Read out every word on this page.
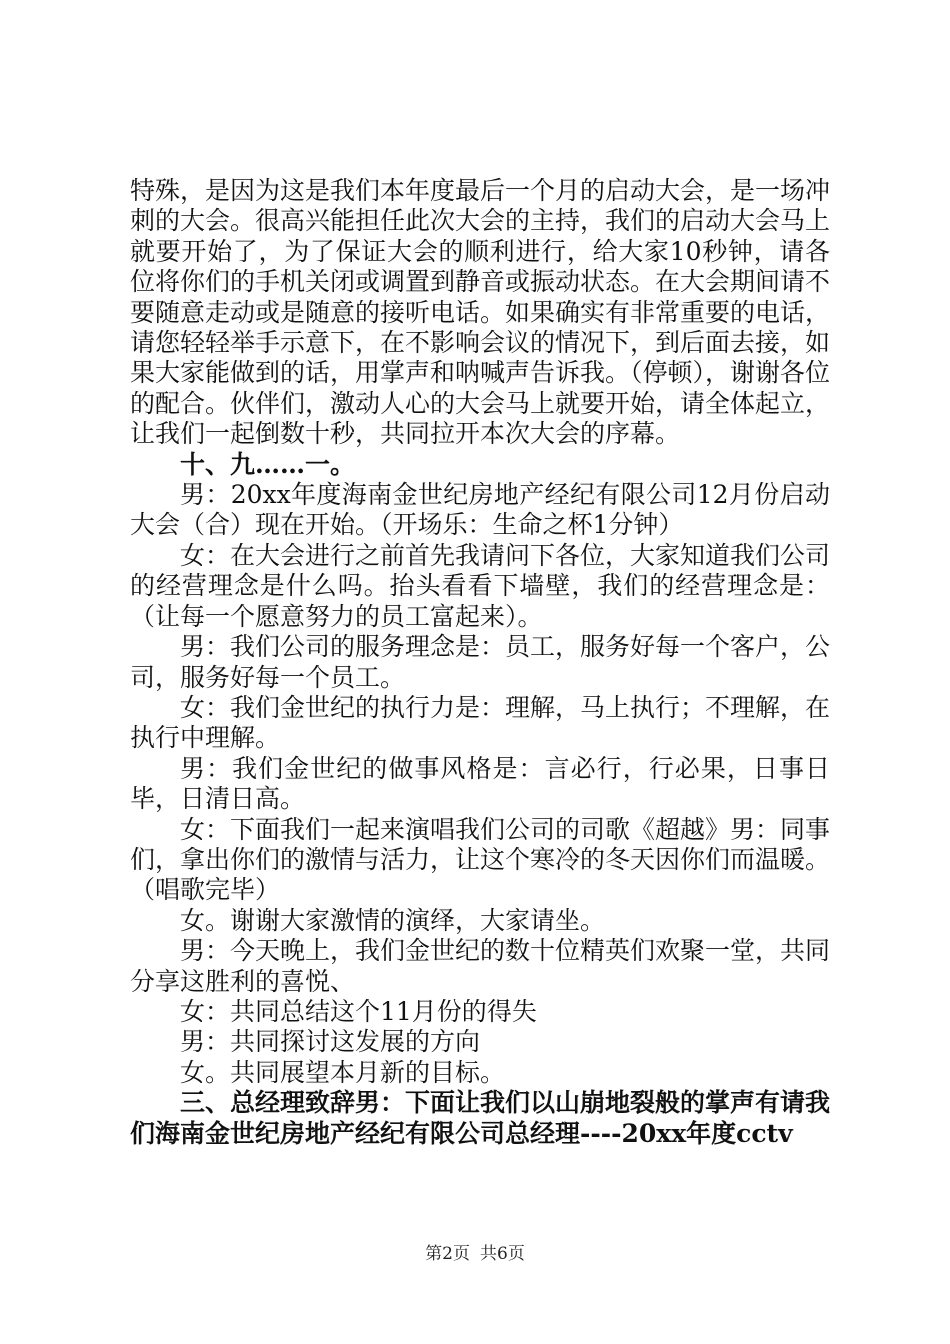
特殊，是因为这是我们本年度最后一个月的启动大会，是一场冲刺的大会。很高兴能担任此次大会的主持，我们的启动大会马上就要开始了，为了保证大会的顺利进行，给大家10秒钟，请各位将你们的手机关闭或调置到静音或振动状态。在大会期间请不要随意走动或是随意的接听电话。如果确实有非常重要的电话，请您轻轻举手示意下，在不影响会议的情况下，到后面去接，如果大家能做到的话，用掌声和呐喊声告诉我。（停顿），谢谢各位的配合。伙伴们，激动人心的大会马上就要开始，请全体起立，让我们一起倒数十秒，共同拉开本次大会的序幕。

十、九……一。

男：20xx年度海南金世纪房地产经纪有限公司12月份启动大会（合）现在开始。（开场乐：生命之杯1分钟）

女：在大会进行之前首先我请问下各位，大家知道我们公司的经营理念是什么吗。抬头看看下墙壁，我们的经营理念是：（让每一个愿意努力的员工富起来）。

男：我们公司的服务理念是：员工，服务好每一个客户，公司，服务好每一个员工。

女：我们金世纪的执行力是：理解，马上执行；不理解，在执行中理解。

男：我们金世纪的做事风格是：言必行，行必果，日事日毕，日清日高。

女：下面我们一起来演唱我们公司的司歌《超越》男：同事们，拿出你们的激情与活力，让这个寒冷的冬天因你们而温暖。（唱歌完毕）

女。谢谢大家激情的演绎，大家请坐。

男：今天晚上，我们金世纪的数十位精英们欢聚一堂，共同分享这胜利的喜悦、

女：共同总结这个11月份的得失

男：共同探讨这发展的方向

女。共同展望本月新的目标。

三、总经理致辞男：下面让我们以山崩地裂般的掌声有请我们海南金世纪房地产经纪有限公司总经理----20xx年度cctv

第2页 共6页
